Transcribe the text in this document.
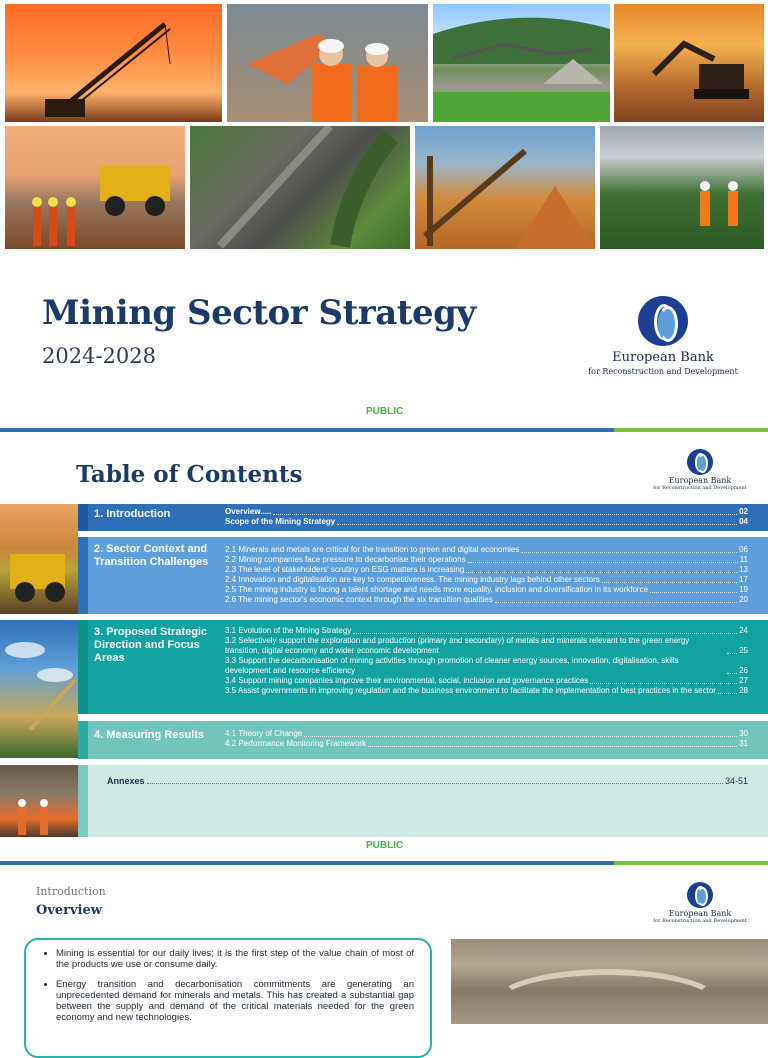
Mining Sector Strategy
2024-2028	European Bank
for Reconstruction and Development
PUBLIC
Table of Contents	European Bank
for Reconstruction and Development
1. Introduction	Overview.....	02
Scope of the Mining Strategy	04
2. Sector Context and Transition Challenges
2.1 Minerals and metals are critical for the transition to green and digital economies	06
2.2 Mining companies face pressure to decarbonise their operations	11
2.3 The level of stakeholders' scrutiny on ESG matters is increasing	13
2.4 Innovation and digitalisation are key to competitiveness. The mining industry lags behind other sectors	17
2.5 The mining industry is facing a talent shortage and needs more equality, inclusion and diversification in its workforce	19
2.6 The mining sector's economic context through the six transition qualities	20
3. Proposed Strategic Direction and Focus Areas
3.1 Evolution of the Mining Strategy	24
3.2 Selectively support the exploration and production (primary and secondary) of metals and minerals relevant to the green energy transition, digital economy and wider economic development	25
3.3 Support the decarbonisation of mining activities through promotion of cleaner energy sources, innovation, digitalisation, skills development and resource efficiency	26
3.4 Support mining companies improve their environmental, social, inclusion and governance practices	27
3.5 Assist governments in improving regulation and the business environment to facilitate the implementation of best practices in the sector	28
4. Measuring Results	4.1 Theory of Change	30
4.2 Performance Monitoring Framework	31
Annexes	34-51
PUBLIC
Introduction
Overview	European Bank
for Reconstruction and Development
• Mining is essential for our daily lives; it is the first step of the value chain of most of the products we use or consume daily.
• Energy transition and decarbonisation commitments are generating an unprecedented demand for minerals and metals. This has created a substantial gap between the supply and demand of the critical materials needed for the green economy and new technologies.
